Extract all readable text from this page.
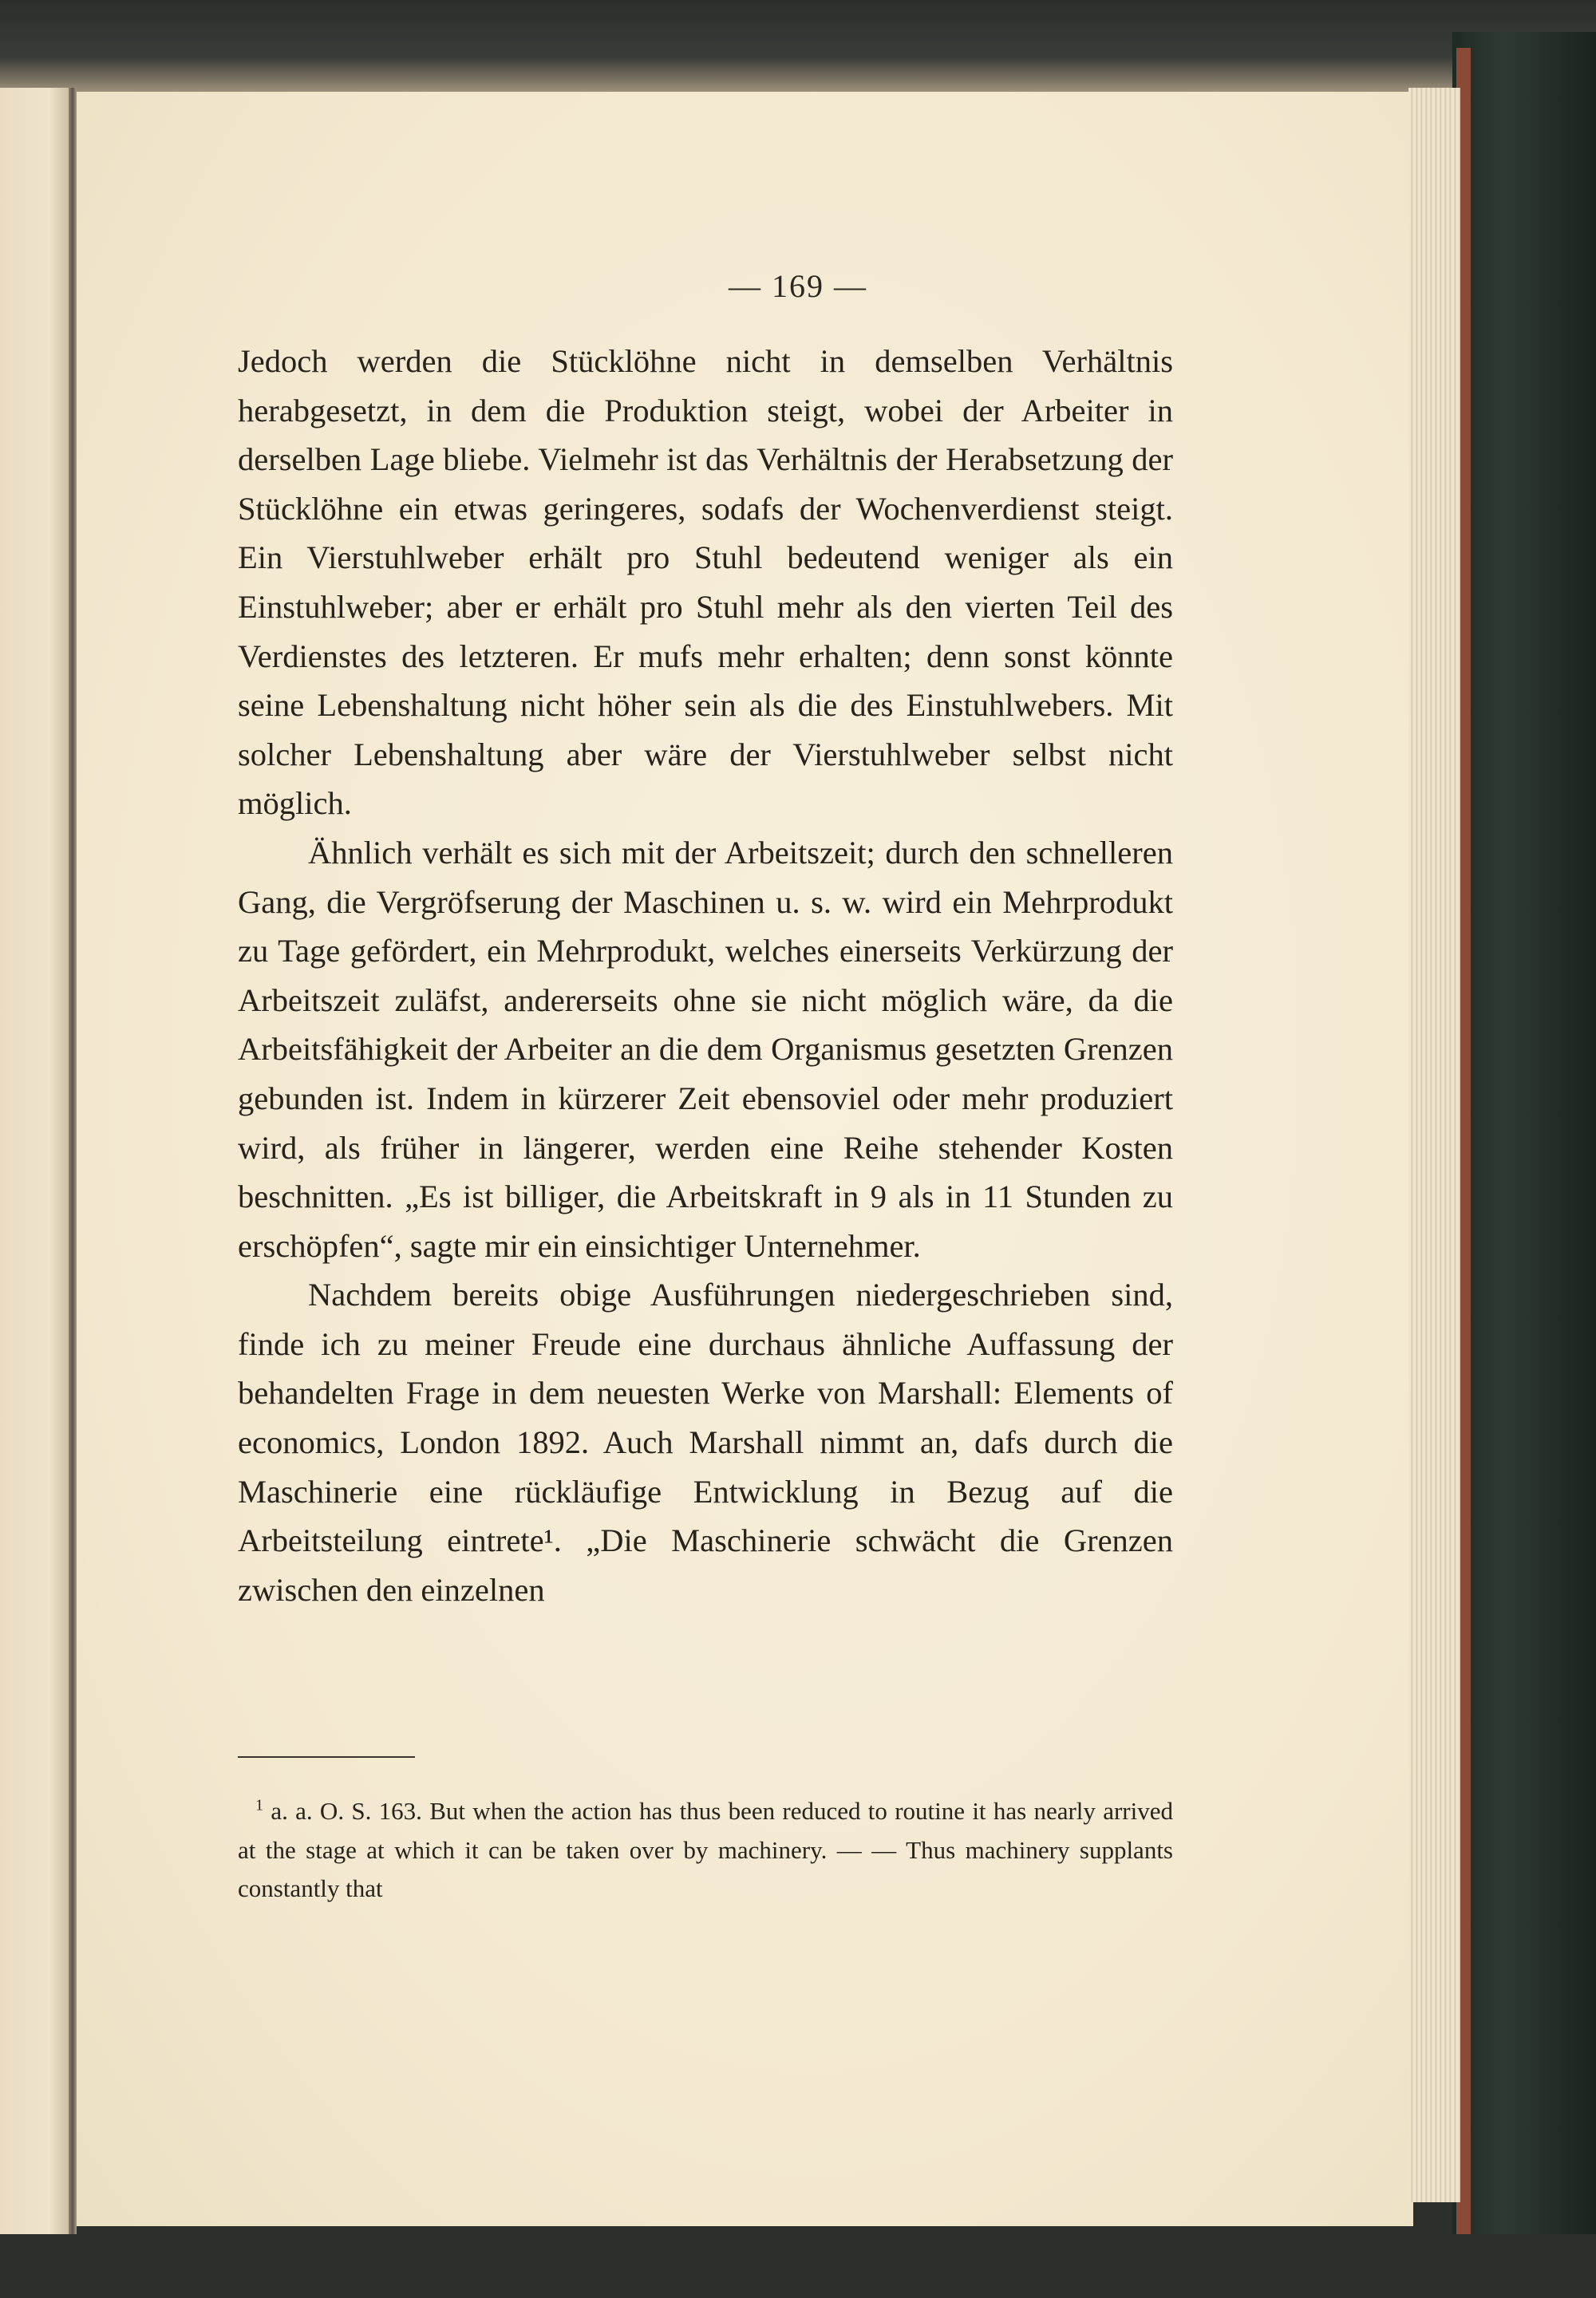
— 169 —

Jedoch werden die Stücklöhne nicht in demselben Verhältnis herabgesetzt, in dem die Produktion steigt, wobei der Arbeiter in derselben Lage bliebe. Vielmehr ist das Verhältnis der Herabsetzung der Stücklöhne ein etwas geringeres, sodafs der Wochenverdienst steigt. Ein Vierstuhlweber erhält pro Stuhl bedeutend weniger als ein Einstuhlweber; aber er erhält pro Stuhl mehr als den vierten Teil des Verdienstes des letzteren. Er mufs mehr erhalten; denn sonst könnte seine Lebenshaltung nicht höher sein als die des Einstuhlwebers. Mit solcher Lebenshaltung aber wäre der Vierstuhlweber selbst nicht möglich.

Ähnlich verhält es sich mit der Arbeitszeit; durch den schnelleren Gang, die Vergröfserung der Maschinen u. s. w. wird ein Mehrprodukt zu Tage gefördert, ein Mehrprodukt, welches einerseits Verkürzung der Arbeitszeit zuläfst, andererseits ohne sie nicht möglich wäre, da die Arbeitsfähigkeit der Arbeiter an die dem Organismus gesetzten Grenzen gebunden ist. Indem in kürzerer Zeit ebensoviel oder mehr produziert wird, als früher in längerer, werden eine Reihe stehender Kosten beschnitten. „Es ist billiger, die Arbeitskraft in 9 als in 11 Stunden zu erschöpfen“, sagte mir ein einsichtiger Unternehmer.

Nachdem bereits obige Ausführungen niedergeschrieben sind, finde ich zu meiner Freude eine durchaus ähnliche Auffassung der behandelten Frage in dem neuesten Werke von Marshall: Elements of economics, London 1892. Auch Marshall nimmt an, dafs durch die Maschinerie eine rückläufige Entwicklung in Bezug auf die Arbeitsteilung eintrete¹. „Die Maschinerie schwächt die Grenzen zwischen den einzelnen

$^1$ a. a. O. S. 163. But when the action has thus been reduced to routine it has nearly arrived at the stage at which it can be taken over by machinery. — — Thus machinery supplants constantly that
